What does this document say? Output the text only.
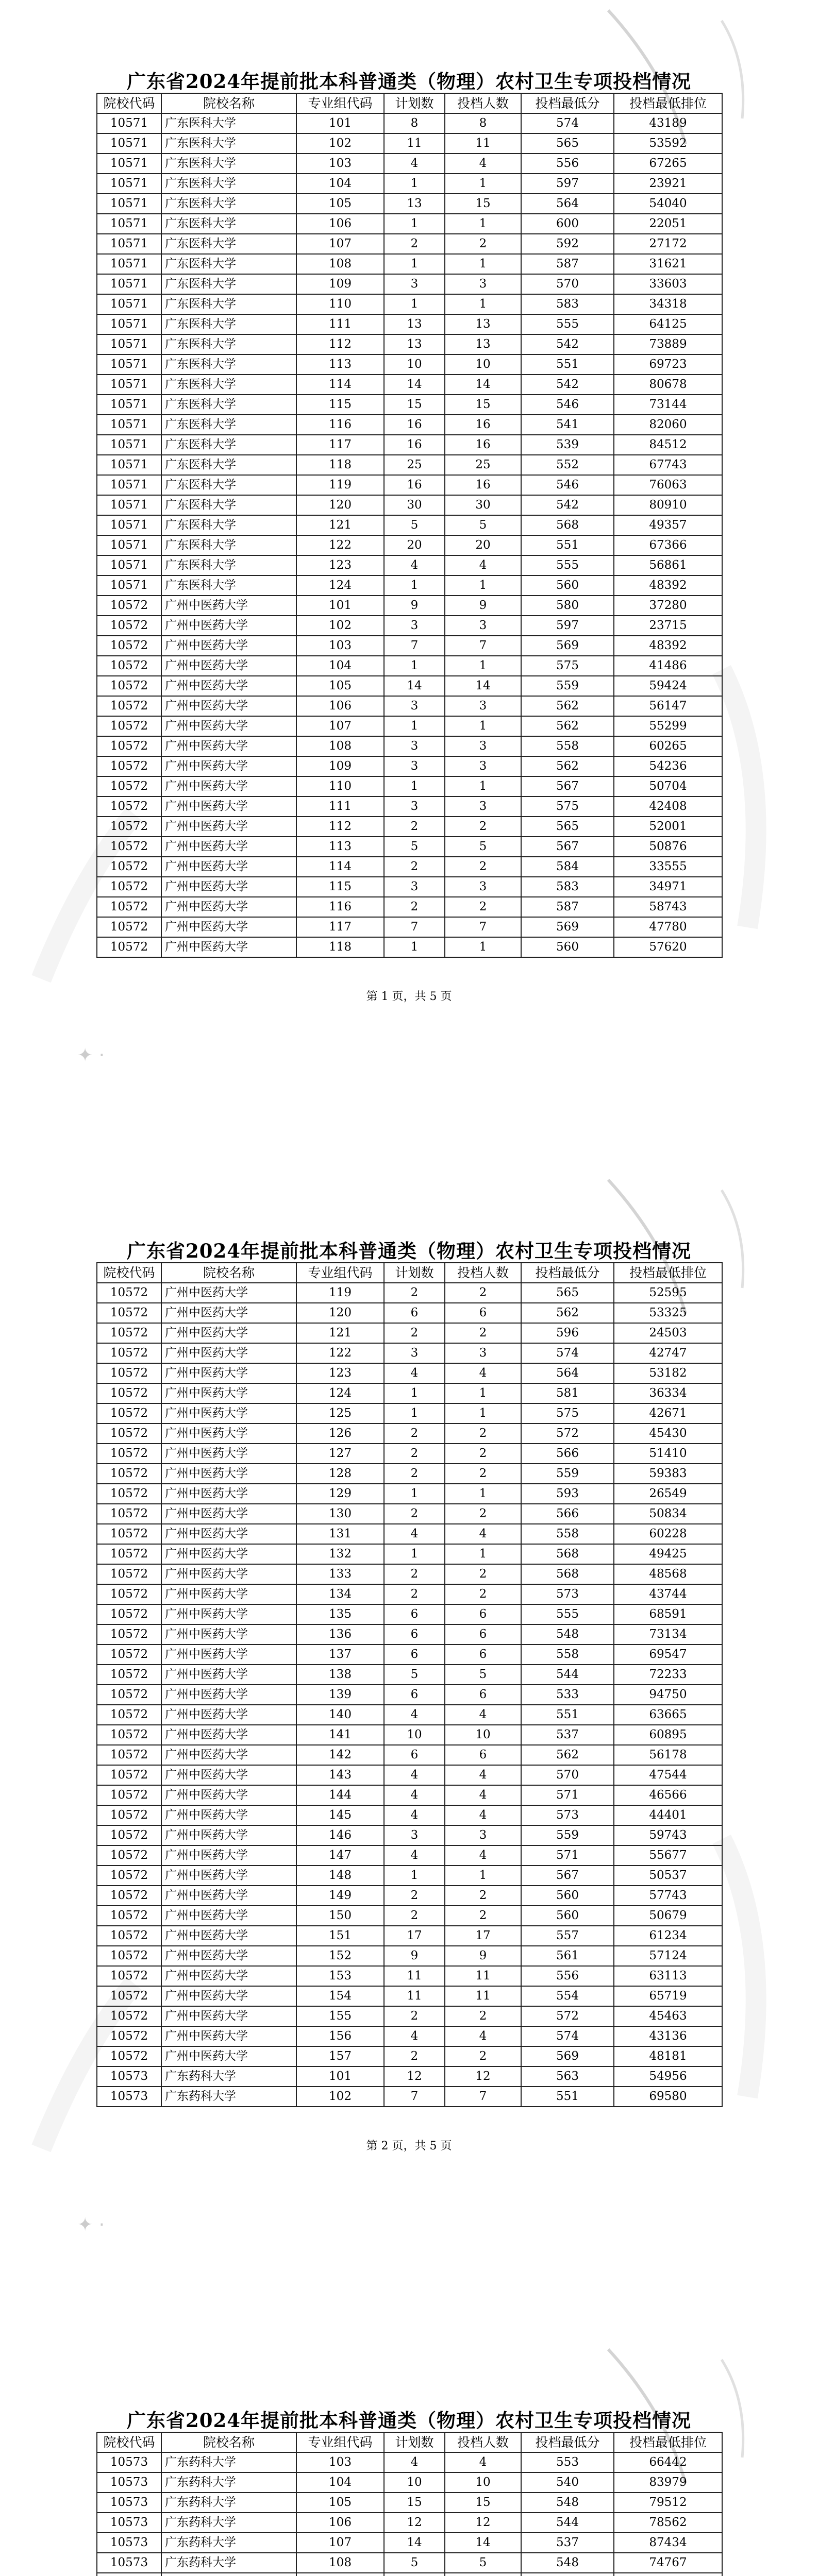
✦ ·
广东省2024年提前批本科普通类（物理）农村卫生专项投档情况
院校代码	院校名称	专业组代码	计划数	投档人数	投档最低分	投档最低排位
10571	广东医科大学	101	8	8	574	43189
10571	广东医科大学	102	11	11	565	53592
10571	广东医科大学	103	4	4	556	67265
10571	广东医科大学	104	1	1	597	23921
10571	广东医科大学	105	13	15	564	54040
10571	广东医科大学	106	1	1	600	22051
10571	广东医科大学	107	2	2	592	27172
10571	广东医科大学	108	1	1	587	31621
10571	广东医科大学	109	3	3	570	33603
10571	广东医科大学	110	1	1	583	34318
10571	广东医科大学	111	13	13	555	64125
10571	广东医科大学	112	13	13	542	73889
10571	广东医科大学	113	10	10	551	69723
10571	广东医科大学	114	14	14	542	80678
10571	广东医科大学	115	15	15	546	73144
10571	广东医科大学	116	16	16	541	82060
10571	广东医科大学	117	16	16	539	84512
10571	广东医科大学	118	25	25	552	67743
10571	广东医科大学	119	16	16	546	76063
10571	广东医科大学	120	30	30	542	80910
10571	广东医科大学	121	5	5	568	49357
10571	广东医科大学	122	20	20	551	67366
10571	广东医科大学	123	4	4	555	56861
10571	广东医科大学	124	1	1	560	48392
10572	广州中医药大学	101	9	9	580	37280
10572	广州中医药大学	102	3	3	597	23715
10572	广州中医药大学	103	7	7	569	48392
10572	广州中医药大学	104	1	1	575	41486
10572	广州中医药大学	105	14	14	559	59424
10572	广州中医药大学	106	3	3	562	56147
10572	广州中医药大学	107	1	1	562	55299
10572	广州中医药大学	108	3	3	558	60265
10572	广州中医药大学	109	3	3	562	54236
10572	广州中医药大学	110	1	1	567	50704
10572	广州中医药大学	111	3	3	575	42408
10572	广州中医药大学	112	2	2	565	52001
10572	广州中医药大学	113	5	5	567	50876
10572	广州中医药大学	114	2	2	584	33555
10572	广州中医药大学	115	3	3	583	34971
10572	广州中医药大学	116	2	2	587	58743
10572	广州中医药大学	117	7	7	569	47780
10572	广州中医药大学	118	1	1	560	57620
第 1 页，共 5 页
✦ ·
广东省2024年提前批本科普通类（物理）农村卫生专项投档情况
院校代码	院校名称	专业组代码	计划数	投档人数	投档最低分	投档最低排位
10572	广州中医药大学	119	2	2	565	52595
10572	广州中医药大学	120	6	6	562	53325
10572	广州中医药大学	121	2	2	596	24503
10572	广州中医药大学	122	3	3	574	42747
10572	广州中医药大学	123	4	4	564	53182
10572	广州中医药大学	124	1	1	581	36334
10572	广州中医药大学	125	1	1	575	42671
10572	广州中医药大学	126	2	2	572	45430
10572	广州中医药大学	127	2	2	566	51410
10572	广州中医药大学	128	2	2	559	59383
10572	广州中医药大学	129	1	1	593	26549
10572	广州中医药大学	130	2	2	566	50834
10572	广州中医药大学	131	4	4	558	60228
10572	广州中医药大学	132	1	1	568	49425
10572	广州中医药大学	133	2	2	568	48568
10572	广州中医药大学	134	2	2	573	43744
10572	广州中医药大学	135	6	6	555	68591
10572	广州中医药大学	136	6	6	548	73134
10572	广州中医药大学	137	6	6	558	69547
10572	广州中医药大学	138	5	5	544	72233
10572	广州中医药大学	139	6	6	533	94750
10572	广州中医药大学	140	4	4	551	63665
10572	广州中医药大学	141	10	10	537	60895
10572	广州中医药大学	142	6	6	562	56178
10572	广州中医药大学	143	4	4	570	47544
10572	广州中医药大学	144	4	4	571	46566
10572	广州中医药大学	145	4	4	573	44401
10572	广州中医药大学	146	3	3	559	59743
10572	广州中医药大学	147	4	4	571	55677
10572	广州中医药大学	148	1	1	567	50537
10572	广州中医药大学	149	2	2	560	57743
10572	广州中医药大学	150	2	2	560	50679
10572	广州中医药大学	151	17	17	557	61234
10572	广州中医药大学	152	9	9	561	57124
10572	广州中医药大学	153	11	11	556	63113
10572	广州中医药大学	154	11	11	554	65719
10572	广州中医药大学	155	2	2	572	45463
10572	广州中医药大学	156	4	4	574	43136
10572	广州中医药大学	157	2	2	569	48181
10573	广东药科大学	101	12	12	563	54956
10573	广东药科大学	102	7	7	551	69580
第 2 页，共 5 页
广东省2024年提前批本科普通类（物理）农村卫生专项投档情况
院校代码	院校名称	专业组代码	计划数	投档人数	投档最低分	投档最低排位
10573	广东药科大学	103	4	4	553	66442
10573	广东药科大学	104	10	10	540	83979
10573	广东药科大学	105	15	15	548	79512
10573	广东药科大学	106	12	12	544	78562
10573	广东药科大学	107	14	14	537	87434
10573	广东药科大学	108	5	5	548	74767
